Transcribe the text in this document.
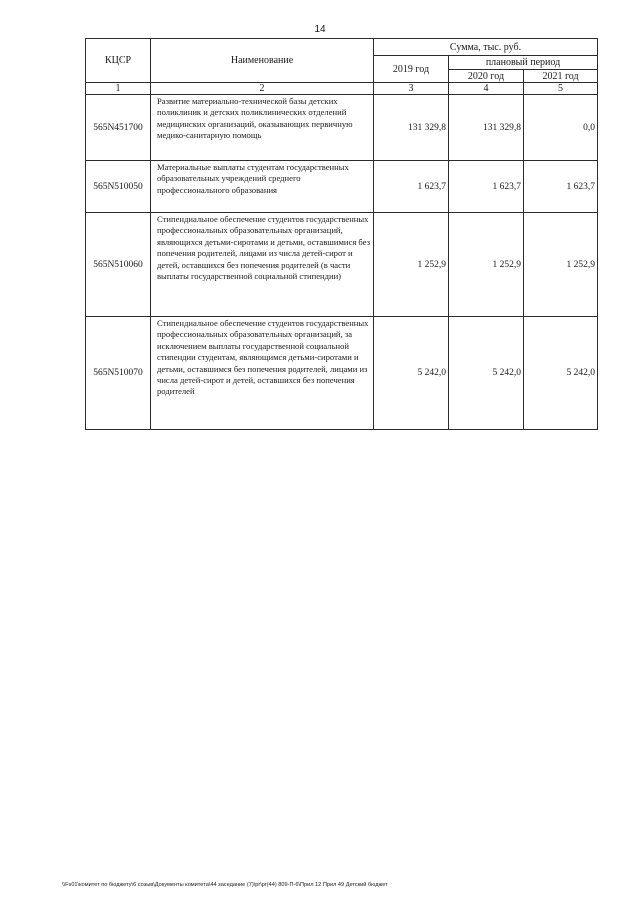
14
КЦСР	Наименование	Сумма, тыс. руб.		
		2019 год	плановый период	
			2020 год	2021 год
1	2	3	4	5
565N451700	Развитие материально-технической базы детских поликлиник и детских поликлинических отделений медицинских организаций, оказывающих первичную медико-санитарную помощь	131 329,8	131 329,8	0,0
565N510050	Материальные выплаты студентам государственных образовательных учреждений среднего профессионального образования	1 623,7	1 623,7	1 623,7
565N510060	Стипендиальное обеспечение студентов государственных профессиональных образовательных организаций, являющихся детьми-сиротами и детьми, оставшимися без попечения родителей, лицами из числа детей-сирот и детей, оставшихся без попечения родителей (в части выплаты государственной социальной стипендии)	1 252,9	1 252,9	1 252,9
565N510070	Стипендиальное обеспечение студентов государственных профессиональных образовательных организаций, за исключением выплаты государственной социальной стипендии студентам, являющимся детьми-сиротами и детьми, оставшимся без попечения родителей, лицами из числа детей-сирот и детей, оставшихся без попечения родителей	5 242,0	5 242,0	5 242,0
\\Fs01\комитет по бюджету\6 созыв\Документы комитета\44 заседание (7)\pr\pr(44) 809-П-6\Прил 12 Прил 49 Детский бюджет
